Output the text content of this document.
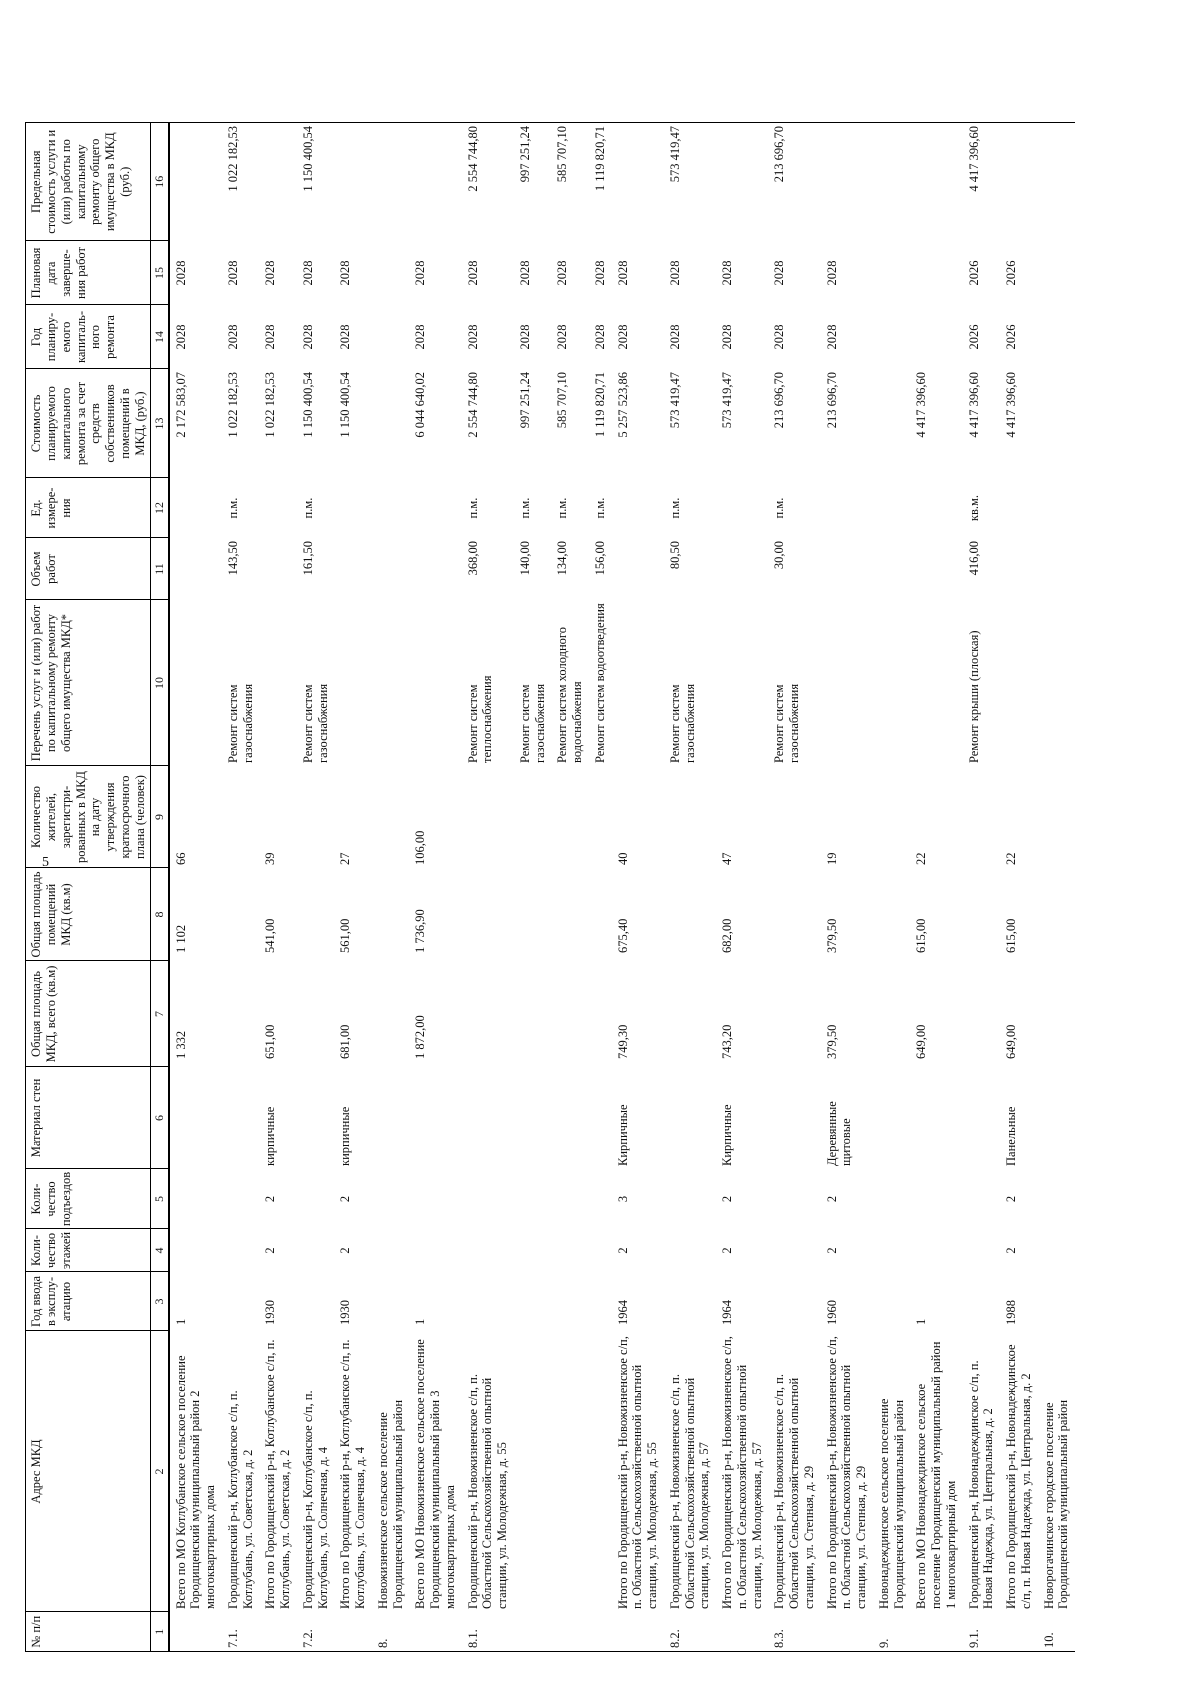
5
№ п/п	Адрес МКД	Год ввода в эксплу-атацию	Коли-чество этажей	Коли-чество подъездов	Материал стен	Общая площадь МКД, всего (кв.м)	Общая площадь помещений МКД (кв.м)	Количество жителей, зарегистри-рованных в МКД на дату утверждения краткосрочного плана (человек)	Перечень услуг и (или) работ по капитальному ремонту общего имущества МКД*	Объем работ	Ед. измере-ния	Стоимость планируемого капитального ремонта за счет средств собственников помещений в МКД, (руб.)	Год планиру-емого капиталь-ного ремонта	Плановая дата заверше-ния работ	Предельная стоимость услуги и (или) работы по капитальному ремонту общего имущества в МКД (руб.)
1	2	3	4	5	6	7	8	9	10	11	12	13	14	15	16
	Всего по МО Котлубанское сельское поселение Городищенский муниципальный район 2 многоквартирных дома	1				1 332	1 102	66				2 172 583,07	2028	2028	
7.1.	Городищенский р-н, Котлубанское с/п, п. Котлубань, ул. Советская, д. 2								Ремонт систем газоснабжения	143,50	п.м.	1 022 182,53	2028	2028	1 022 182,53
	Итого по Городищенский р-н, Котлубанское с/п, п. Котлубань, ул. Советская, д. 2	1930	2	2	кирпичные	651,00	541,00	39				1 022 182,53	2028	2028	
7.2.	Городищенский р-н, Котлубанское с/п, п. Котлубань, ул. Солнечная, д. 4								Ремонт систем газоснабжения	161,50	п.м.	1 150 400,54	2028	2028	1 150 400,54
	Итого по Городищенский р-н, Котлубанское с/п, п. Котлубань, ул. Солнечная, д. 4	1930	2	2	кирпичные	681,00	561,00	27				1 150 400,54	2028	2028	
8.	Новожизненское сельское поселение Городищенский муниципальный район														
	Всего по МО Новожизненское сельское поселение Городищенский муниципальный район 3 многоквартирных дома	1				1 872,00	1 736,90	106,00				6 044 640,02	2028	2028	
8.1.	Городищенский р-н, Новожизненское с/п, п. Областной Сельскохозяйственной опытной станции, ул. Молодежная, д. 55								Ремонт систем теплоснабжения	368,00	п.м.	2 554 744,80	2028	2028	2 554 744,80
									Ремонт систем газоснабжения	140,00	п.м.	997 251,24	2028	2028	997 251,24
									Ремонт систем холодного водоснабжения	134,00	п.м.	585 707,10	2028	2028	585 707,10
									Ремонт систем водоотведения	156,00	п.м.	1 119 820,71	2028	2028	1 119 820,71
	Итого по Городищенский р-н, Новожизненское с/п, п. Областной Сельскохозяйственной опытной станции, ул. Молодежная, д. 55	1964	2	3	Кирпичные	749,30	675,40	40				5 257 523,86	2028	2028	
8.2.	Городищенский р-н, Новожизненское с/п, п. Областной Сельскохозяйственной опытной станции, ул. Молодежная, д. 57								Ремонт систем газоснабжения	80,50	п.м.	573 419,47	2028	2028	573 419,47
	Итого по Городищенский р-н, Новожизненское с/п, п. Областной Сельскохозяйственной опытной станции, ул. Молодежная, д. 57	1964	2	2	Кирпичные	743,20	682,00	47				573 419,47	2028	2028	
8.3.	Городищенский р-н, Новожизненское с/п, п. Областной Сельскохозяйственной опытной станции, ул. Степная, д. 29								Ремонт систем газоснабжения	30,00	п.м.	213 696,70	2028	2028	213 696,70
	Итого по Городищенский р-н, Новожизненское с/п, п. Областной Сельскохозяйственной опытной станции, ул. Степная, д. 29	1960	2	2	Деревянные щитовые	379,50	379,50	19				213 696,70	2028	2028	
9.	Новонадеждинское сельское поселение Городищенский муниципальный район														
	Всего по МО Новонадеждинское сельское поселение Городищенский муниципальный район 1 многоквартирный дом	1				649,00	615,00	22				4 417 396,60			
9.1.	Городищенский р-н, Новонадеждинское с/п, п. Новая Надежда, ул. Центральная, д. 2								Ремонт крыши (плоская)	416,00	кв.м.	4 417 396,60	2026	2026	4 417 396,60
	Итого по Городищенский р-н, Новонадеждинское с/п, п. Новая Надежда, ул. Центральная, д. 2	1988	2	2	Панельные	649,00	615,00	22				4 417 396,60	2026	2026	
10.	Новорогачинское городское поселение Городищенский муниципальный район														
